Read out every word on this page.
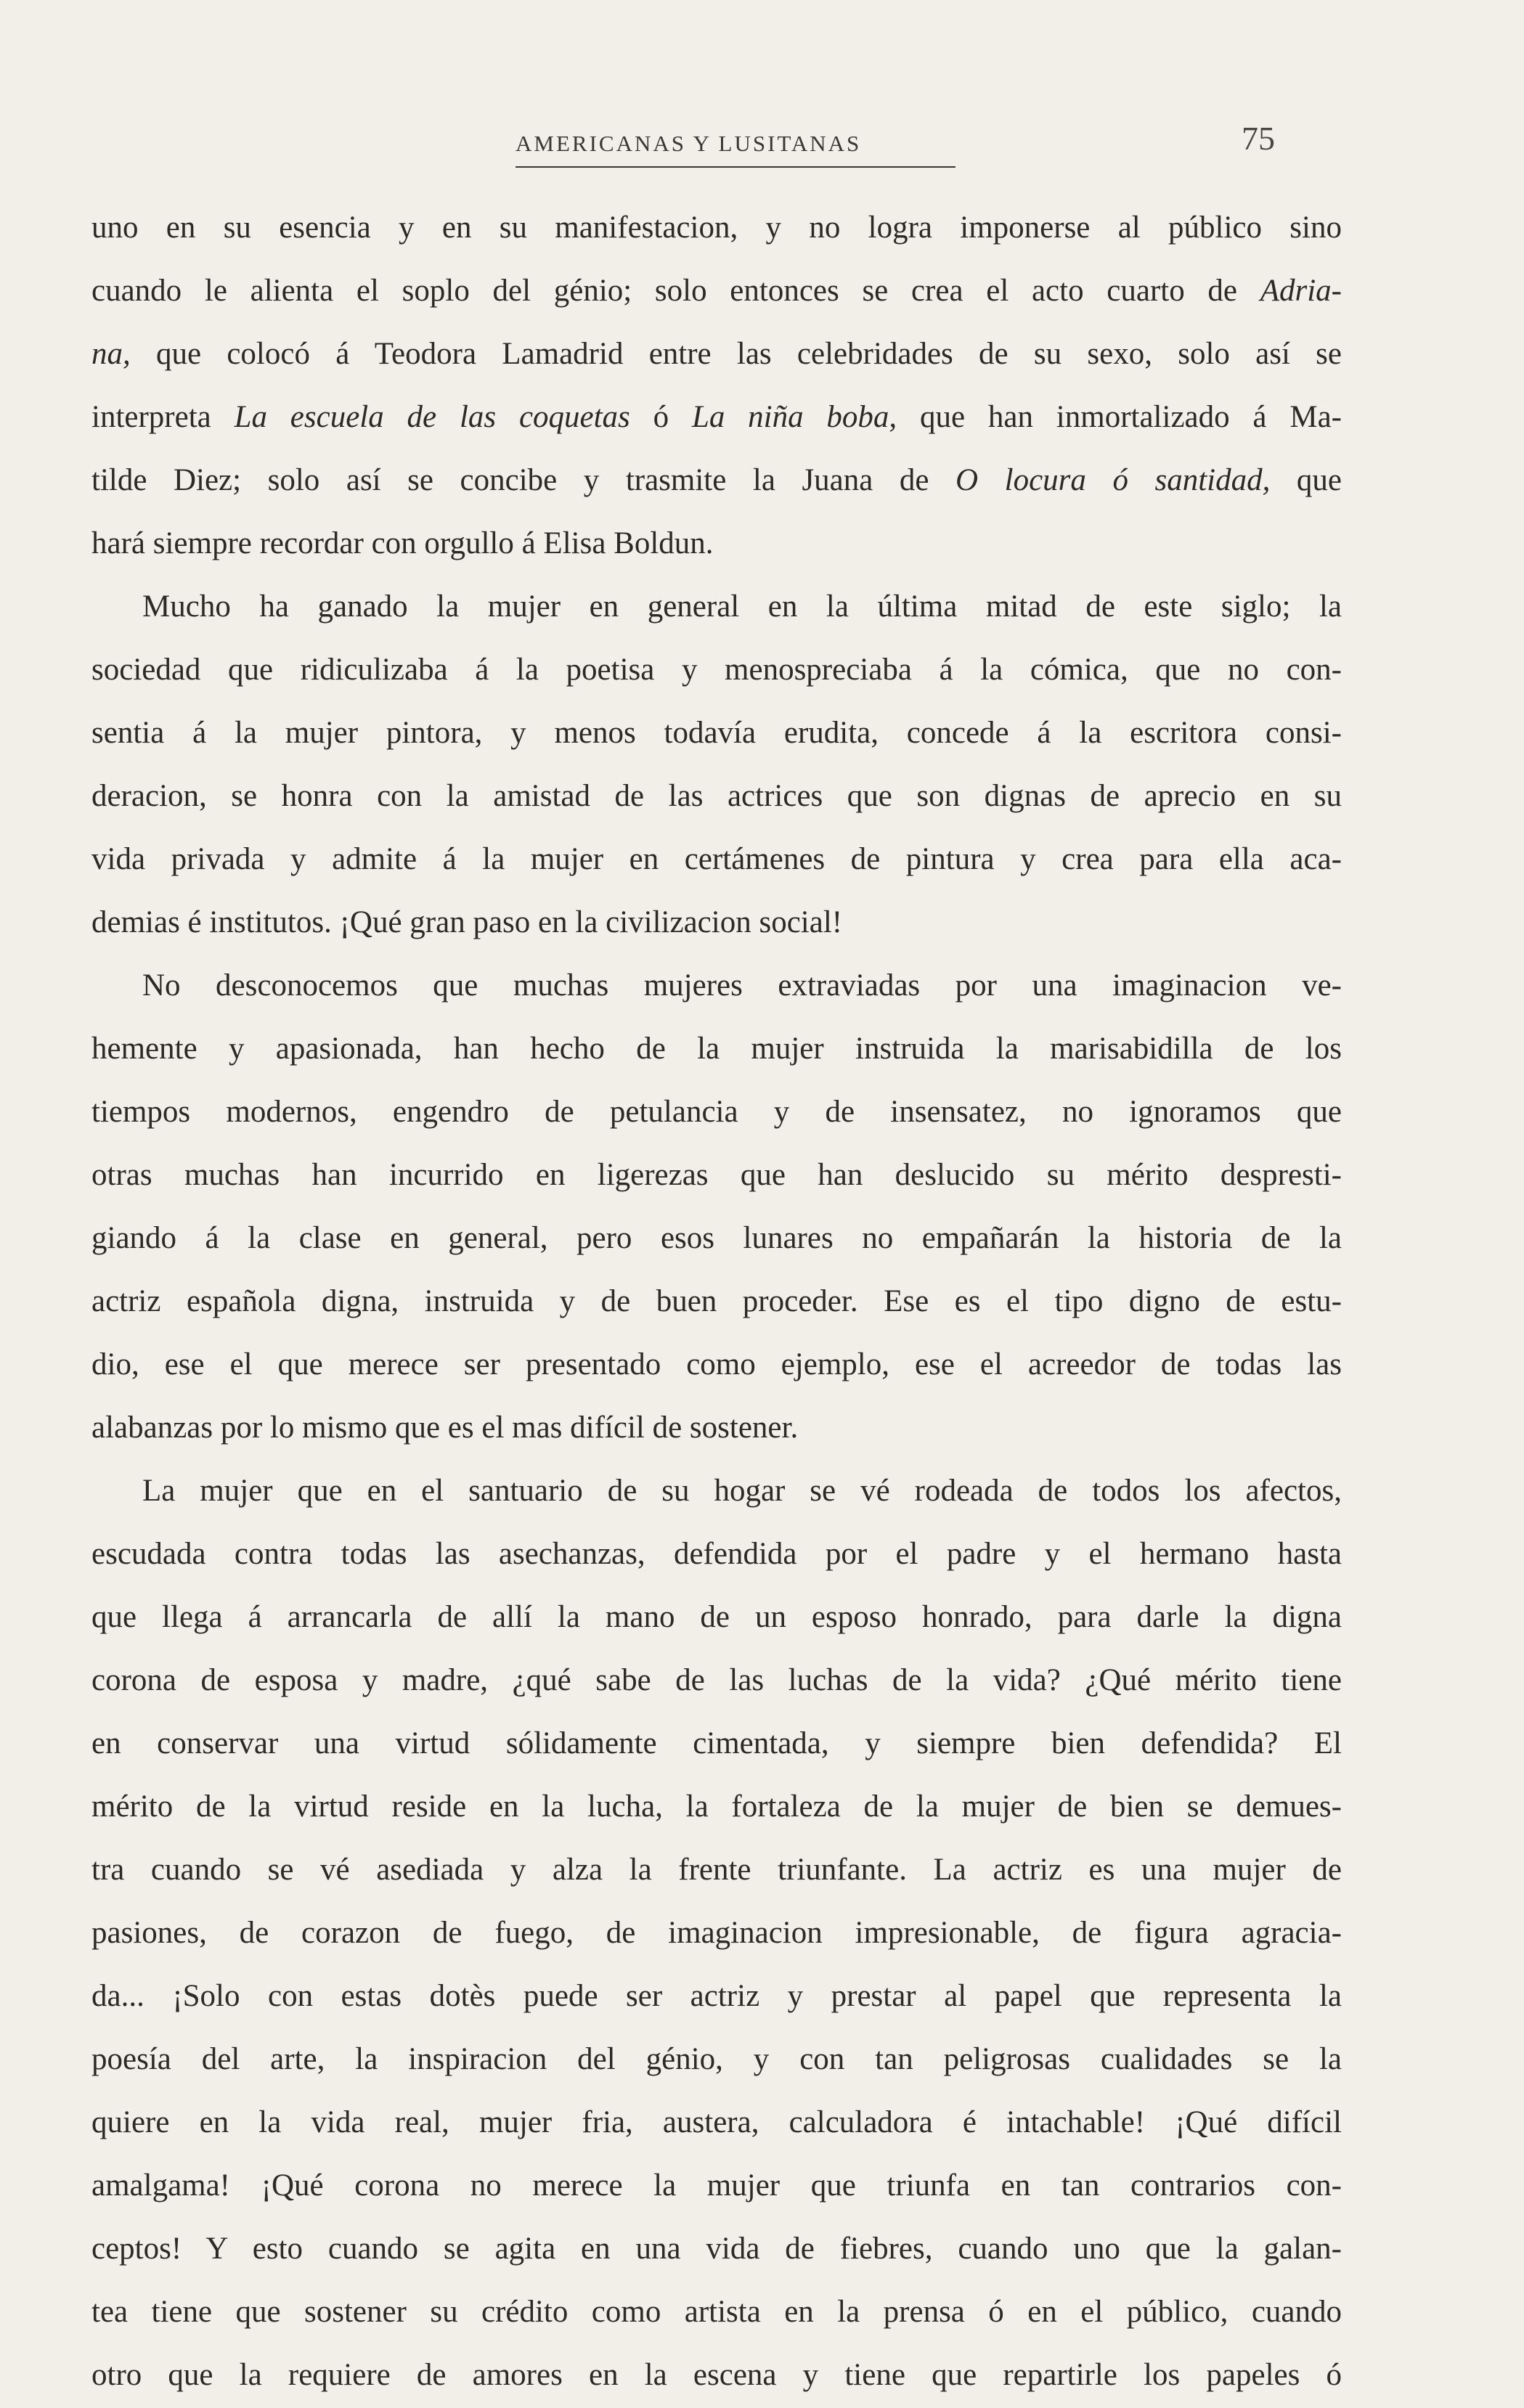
AMERICANAS Y LUSITANAS	75
uno en su esencia y en su manifestacion, y no logra imponerse al público sino
cuando le alienta el soplo del génio; solo entonces se crea el acto cuarto de Adria-
na, que colocó á Teodora Lamadrid entre las celebridades de su sexo, solo así se
interpreta La escuela de las coquetas ó La niña boba, que han inmortalizado á Ma-
tilde Diez; solo así se concibe y trasmite la Juana de O locura ó santidad, que
hará siempre recordar con orgullo á Elisa Boldun.
Mucho ha ganado la mujer en general en la última mitad de este siglo; la
sociedad que ridiculizaba á la poetisa y menospreciaba á la cómica, que no con-
sentia á la mujer pintora, y menos todavía erudita, concede á la escritora consi-
deracion, se honra con la amistad de las actrices que son dignas de aprecio en su
vida privada y admite á la mujer en certámenes de pintura y crea para ella aca-
demias é institutos. ¡Qué gran paso en la civilizacion social!
No desconocemos que muchas mujeres extraviadas por una imaginacion ve-
hemente y apasionada, han hecho de la mujer instruida la marisabidilla de los
tiempos modernos, engendro de petulancia y de insensatez, no ignoramos que
otras muchas han incurrido en ligerezas que han deslucido su mérito despresti-
giando á la clase en general, pero esos lunares no empañarán la historia de la
actriz española digna, instruida y de buen proceder. Ese es el tipo digno de estu-
dio, ese el que merece ser presentado como ejemplo, ese el acreedor de todas las
alabanzas por lo mismo que es el mas difícil de sostener.
La mujer que en el santuario de su hogar se vé rodeada de todos los afectos,
escudada contra todas las asechanzas, defendida por el padre y el hermano hasta
que llega á arrancarla de allí la mano de un esposo honrado, para darle la digna
corona de esposa y madre, ¿qué sabe de las luchas de la vida? ¿Qué mérito tiene
en conservar una virtud sólidamente cimentada, y siempre bien defendida? El
mérito de la virtud reside en la lucha, la fortaleza de la mujer de bien se demues-
tra cuando se vé asediada y alza la frente triunfante. La actriz es una mujer de
pasiones, de corazon de fuego, de imaginacion impresionable, de figura agracia-
da... ¡Solo con estas dotès puede ser actriz y prestar al papel que representa la
poesía del arte, la inspiracion del génio, y con tan peligrosas cualidades se la
quiere en la vida real, mujer fria, austera, calculadora é intachable! ¡Qué difícil
amalgama! ¡Qué corona no merece la mujer que triunfa en tan contrarios con-
ceptos! Y esto cuando se agita en una vida de fiebres, cuando uno que la galan-
tea tiene que sostener su crédito como artista en la prensa ó en el público, cuando
otro que la requiere de amores en la escena y tiene que repartirle los papeles ó
